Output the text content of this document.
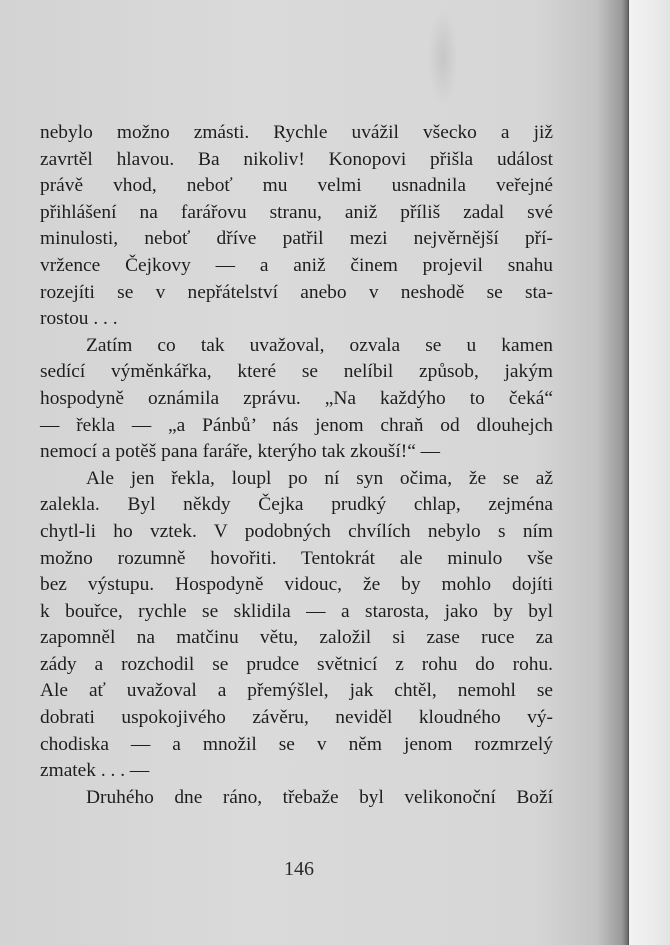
nebylo možno zmásti. Rychle uvážil všecko a již
zavrtěl hlavou. Ba nikoliv! Konopovi přišla událost
právě vhod, neboť mu velmi usnadnila veřejné
přihlášení na farářovu stranu, aniž příliš zadal své
minulosti, neboť dříve patřil mezi nejvěrnější pří-
vržence Čejkovy — a aniž činem projevil snahu
rozejíti se v nepřátelství anebo v neshodě se sta-
rostou . . .
Zatím co tak uvažoval, ozvala se u kamen
sedící výměnkářka, které se nelíbil způsob, jakým
hospodyně oznámila zprávu. „Na každýho to čeká“
— řekla — „a Pánbů’ nás jenom chraň od dlouhejch
nemocí a potěš pana faráře, kterýho tak zkouší!“ —
Ale jen řekla, loupl po ní syn očima, že se až
zalekla. Byl někdy Čejka prudký chlap, zejména
chytl-li ho vztek. V podobných chvílích nebylo s ním
možno rozumně hovořiti. Tentokrát ale minulo vše
bez výstupu. Hospodyně vidouc, že by mohlo dojíti
k bouřce, rychle se sklidila — a starosta, jako by byl
zapomněl na matčinu větu, založil si zase ruce za
zády a rozchodil se prudce světnicí z rohu do rohu.
Ale ať uvažoval a přemýšlel, jak chtěl, nemohl se
dobrati uspokojivého závěru, neviděl kloudného vý-
chodiska — a množil se v něm jenom rozmrzelý
zmatek . . . —
Druhého dne ráno, třebaže byl velikonoční Boží
146
